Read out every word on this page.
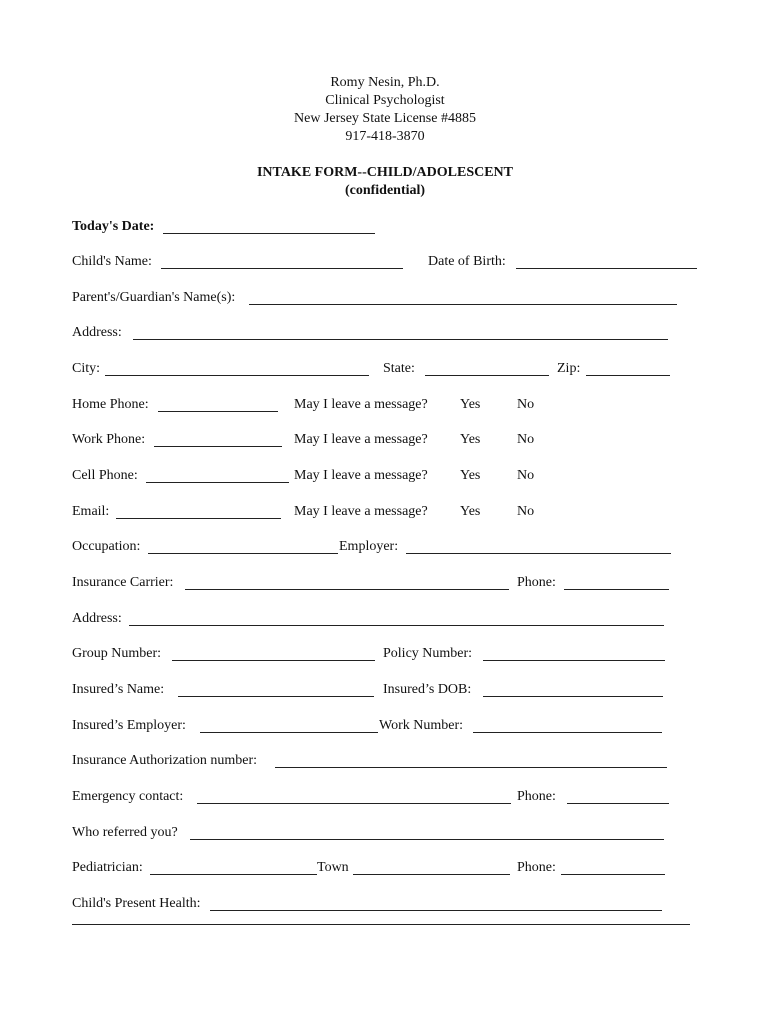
Romy Nesin, Ph.D.
Clinical Psychologist
New Jersey State License #4885
917-418-3870
INTAKE FORM--CHILD/ADOLESCENT
(confidential)
Today's Date:
Child's Name:	Date of Birth:
Parent's/Guardian's Name(s):
Address:
City:	State:	Zip:
Home Phone:	May I leave a message? Yes	No
Work Phone:	May I leave a message? Yes	No
Cell Phone:	May I leave a message? Yes	No
Email:	May I leave a message? Yes	No
Occupation:	Employer:
Insurance Carrier:	Phone:
Address:
Group Number:	Policy Number:
Insured’s Name:	Insured’s DOB:
Insured’s Employer:	Work Number:
Insurance Authorization number:
Emergency contact:	Phone:
Who referred you?
Pediatrician:	Town	Phone:
Child's Present Health:
